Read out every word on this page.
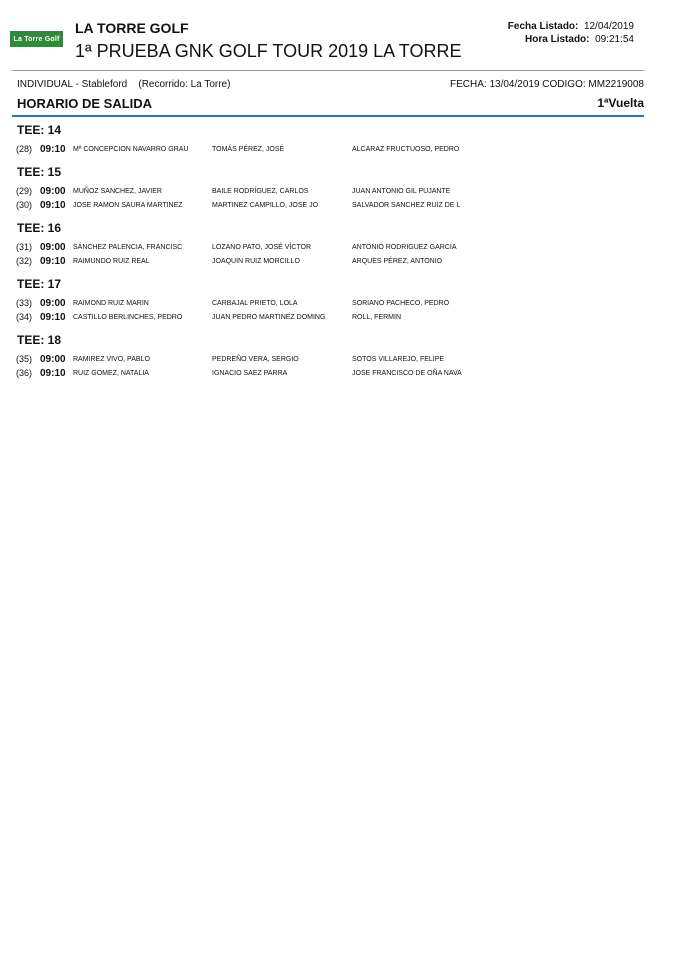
La Torre Golf
LA TORRE GOLF
1ª PRUEBA GNK GOLF TOUR 2019 LA TORRE
Fecha Listado: 12/04/2019
Hora Listado: 09:21:54
INDIVIDUAL - Stableford (Recorrido: La Torre)	FECHA: 13/04/2019 CODIGO: MM2219008
HORARIO DE SALIDA	1ªVuelta
TEE: 14
(28) 09:10 Mª CONCEPCION NAVARRO GRAU	TOMÁS PÉREZ, JOSÉ	ALCARAZ FRUCTUOSO, PEDRO
TEE: 15
(29) 09:00 MUÑOZ SANCHEZ, JAVIER	BAILE RODRÍGUEZ, CARLOS	JUAN ANTONIO GIL PUJANTE
(30) 09:10 JOSE RAMON SAURA MARTINEZ	MARTINEZ CAMPILLO, JOSE JO	SALVADOR SANCHEZ RUIZ DE L
TEE: 16
(31) 09:00 SÁNCHEZ PALENCIA, FRANCISC	LOZANO PATO, JOSÉ VÍCTOR	ANTONIO RODRIGUEZ GARCIA
(32) 09:10 RAIMUNDO RUIZ REAL	JOAQUIN RUIZ MORCILLO	ARQUES PÉREZ, ANTONIO
TEE: 17
(33) 09:00 RAIMOND RUIZ MARIN	CARBAJAL PRIETO, LOLA	SORIANO PACHECO, PEDRO
(34) 09:10 CASTILLO BERLINCHES, PEDRO	JUAN PEDRO MARTINEZ DOMING	ROLL, FERMIN
TEE: 18
(35) 09:00 RAMIREZ VIVO, PABLO	PEDREÑO VERA, SERGIO	SOTOS VILLAREJO, FELIPE
(36) 09:10 RUIZ GOMEZ, NATALIA	IGNACIO SAEZ PARRA	JOSE FRANCISCO DE OÑA NAVA
